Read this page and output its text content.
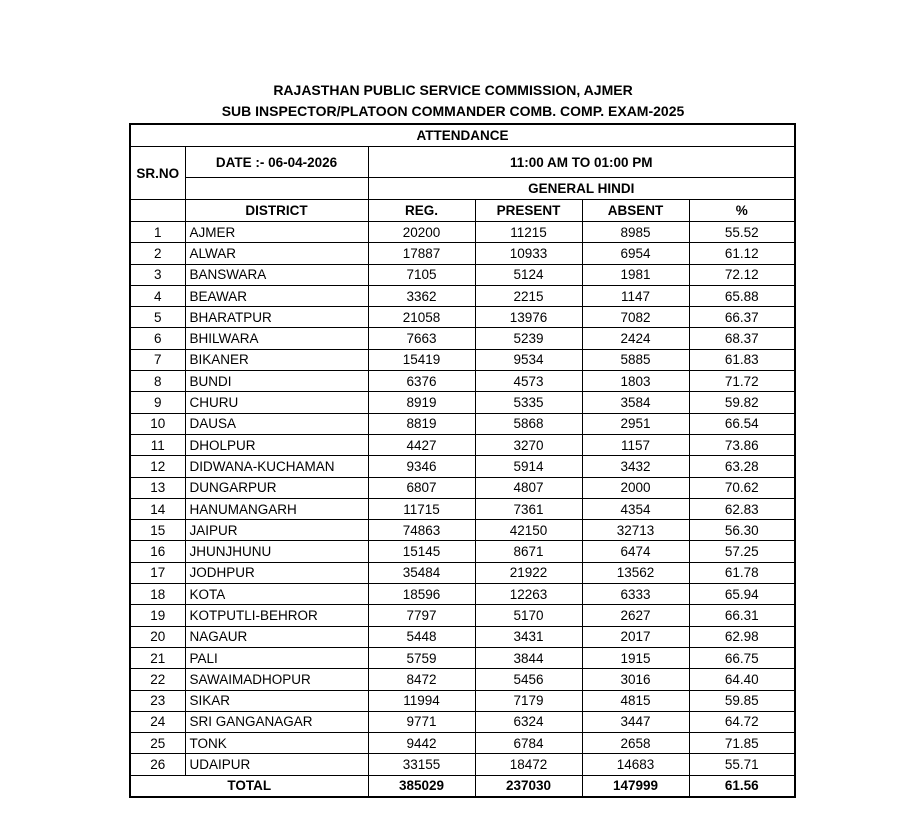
RAJASTHAN PUBLIC SERVICE COMMISSION, AJMER
SUB INSPECTOR/PLATOON COMMANDER COMB. COMP. EXAM-2025
ATTENDANCE					
SR.NO	DATE :- 06-04-2026	11:00 AM TO 01:00 PM			
		GENERAL HINDI			
	DISTRICT	REG.	PRESENT	ABSENT	%
1	AJMER	20200	11215	8985	55.52
2	ALWAR	17887	10933	6954	61.12
3	BANSWARA	7105	5124	1981	72.12
4	BEAWAR	3362	2215	1147	65.88
5	BHARATPUR	21058	13976	7082	66.37
6	BHILWARA	7663	5239	2424	68.37
7	BIKANER	15419	9534	5885	61.83
8	BUNDI	6376	4573	1803	71.72
9	CHURU	8919	5335	3584	59.82
10	DAUSA	8819	5868	2951	66.54
11	DHOLPUR	4427	3270	1157	73.86
12	DIDWANA-KUCHAMAN	9346	5914	3432	63.28
13	DUNGARPUR	6807	4807	2000	70.62
14	HANUMANGARH	11715	7361	4354	62.83
15	JAIPUR	74863	42150	32713	56.30
16	JHUNJHUNU	15145	8671	6474	57.25
17	JODHPUR	35484	21922	13562	61.78
18	KOTA	18596	12263	6333	65.94
19	KOTPUTLI-BEHROR	7797	5170	2627	66.31
20	NAGAUR	5448	3431	2017	62.98
21	PALI	5759	3844	1915	66.75
22	SAWAIMADHOPUR	8472	5456	3016	64.40
23	SIKAR	11994	7179	4815	59.85
24	SRI GANGANAGAR	9771	6324	3447	64.72
25	TONK	9442	6784	2658	71.85
26	UDAIPUR	33155	18472	14683	55.71
TOTAL		385029	237030	147999	61.56
